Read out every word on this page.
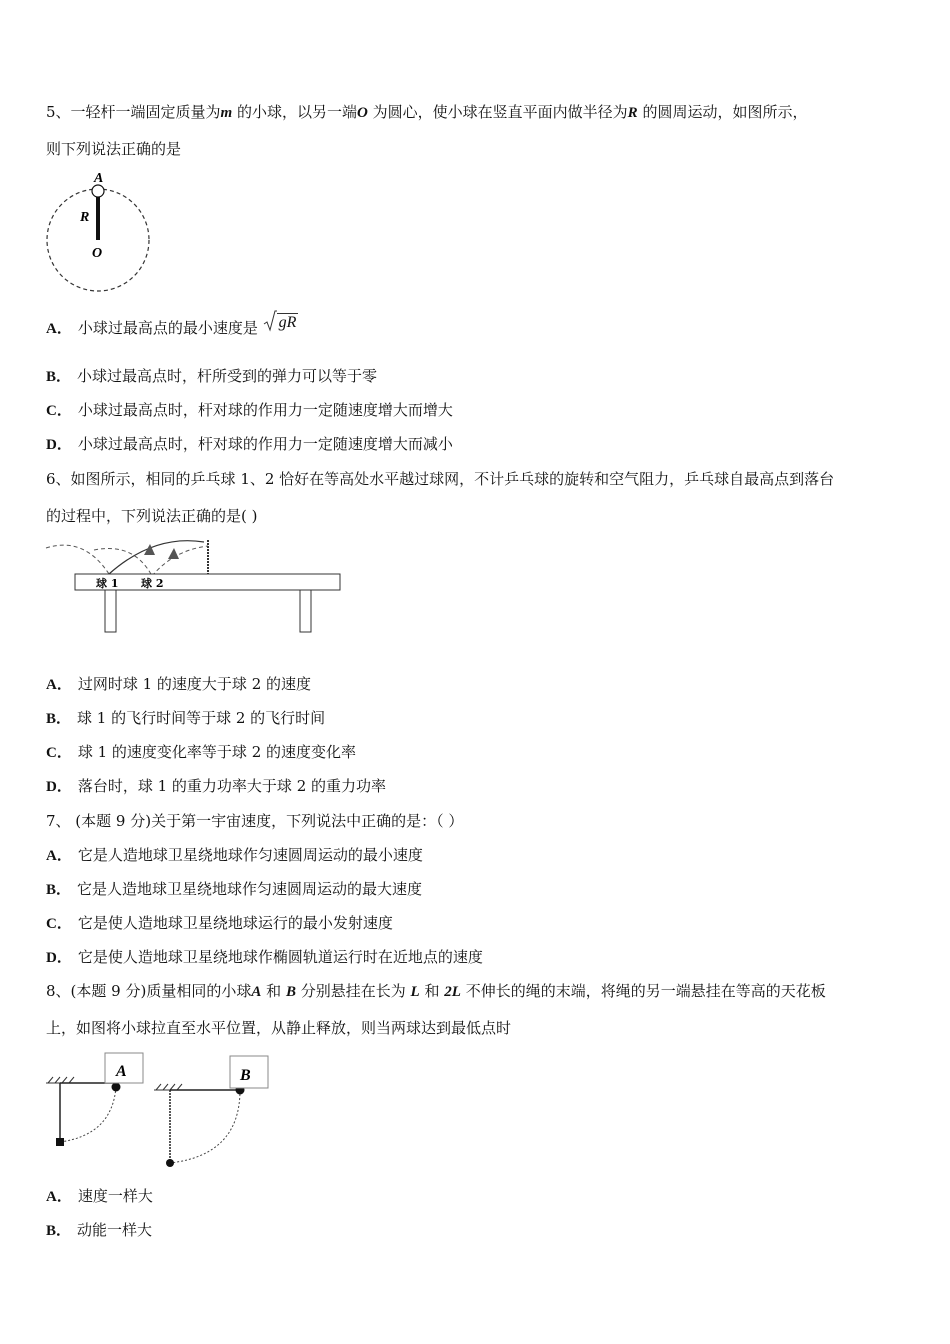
5、一轻杆一端固定质量为m 的小球，以另一端O 为圆心，使小球在竖直平面内做半径为R 的圆周运动，如图所示，
则下列说法正确的是
A
R
O
A． 小球过最高点的最小速度是 gR
B． 小球过最高点时，杆所受到的弹力可以等于零
C． 小球过最高点时，杆对球的作用力一定随速度增大而增大
D． 小球过最高点时，杆对球的作用力一定随速度增大而减小
6、如图所示，相同的乒乓球 1、2 恰好在等高处水平越过球网，不计乒乓球的旋转和空气阻力，乒乓球自最高点到落台
的过程中，下列说法正确的是( )
球 1 球 2
A． 过网时球 1 的速度大于球 2 的速度
B． 球 1 的飞行时间等于球 2 的飞行时间
C． 球 1 的速度变化率等于球 2 的速度变化率
D． 落台时，球 1 的重力功率大于球 2 的重力功率
7、 (本题 9 分)关于第一宇宙速度，下列说法中正确的是：（ ）
A． 它是人造地球卫星绕地球作匀速圆周运动的最小速度
B． 它是人造地球卫星绕地球作匀速圆周运动的最大速度
C． 它是使人造地球卫星绕地球运行的最小发射速度
D． 它是使人造地球卫星绕地球作椭圆轨道运行时在近地点的速度
8、(本题 9 分)质量相同的小球A 和 B 分别悬挂在长为 L 和 2L 不伸长的绳的末端，将绳的另一端悬挂在等高的天花板
上，如图将小球拉直至水平位置，从静止释放，则当两球达到最低点时
A	B
A． 速度一样大
B． 动能一样大
